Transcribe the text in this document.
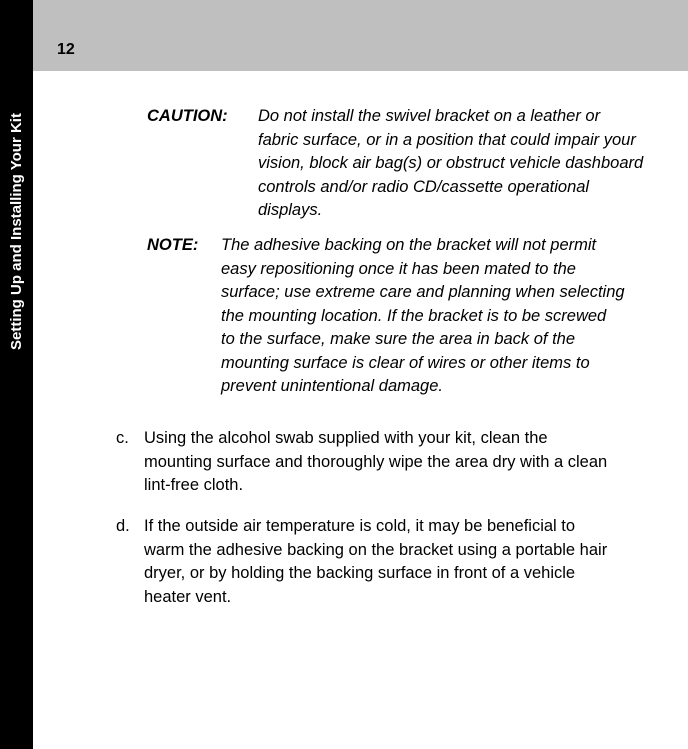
Setting Up and Installing Your Kit
12
CAUTION: Do not install the swivel bracket on a leather or
fabric surface, or in a position that could impair your
vision, block air bag(s) or obstruct vehicle dashboard
controls and/or radio CD/cassette operational
displays.
NOTE: The adhesive backing on the bracket will not permit
easy repositioning once it has been mated to the
surface; use extreme care and planning when selecting
the mounting location. If the bracket is to be screwed
to the surface, make sure the area in back of the
mounting surface is clear of wires or other items to
prevent unintentional damage.
c. Using the alcohol swab supplied with your kit, clean the
mounting surface and thoroughly wipe the area dry with a clean
lint-free cloth.
d. If the outside air temperature is cold, it may be beneficial to
warm the adhesive backing on the bracket using a portable hair
dryer, or by holding the backing surface in front of a vehicle
heater vent.
